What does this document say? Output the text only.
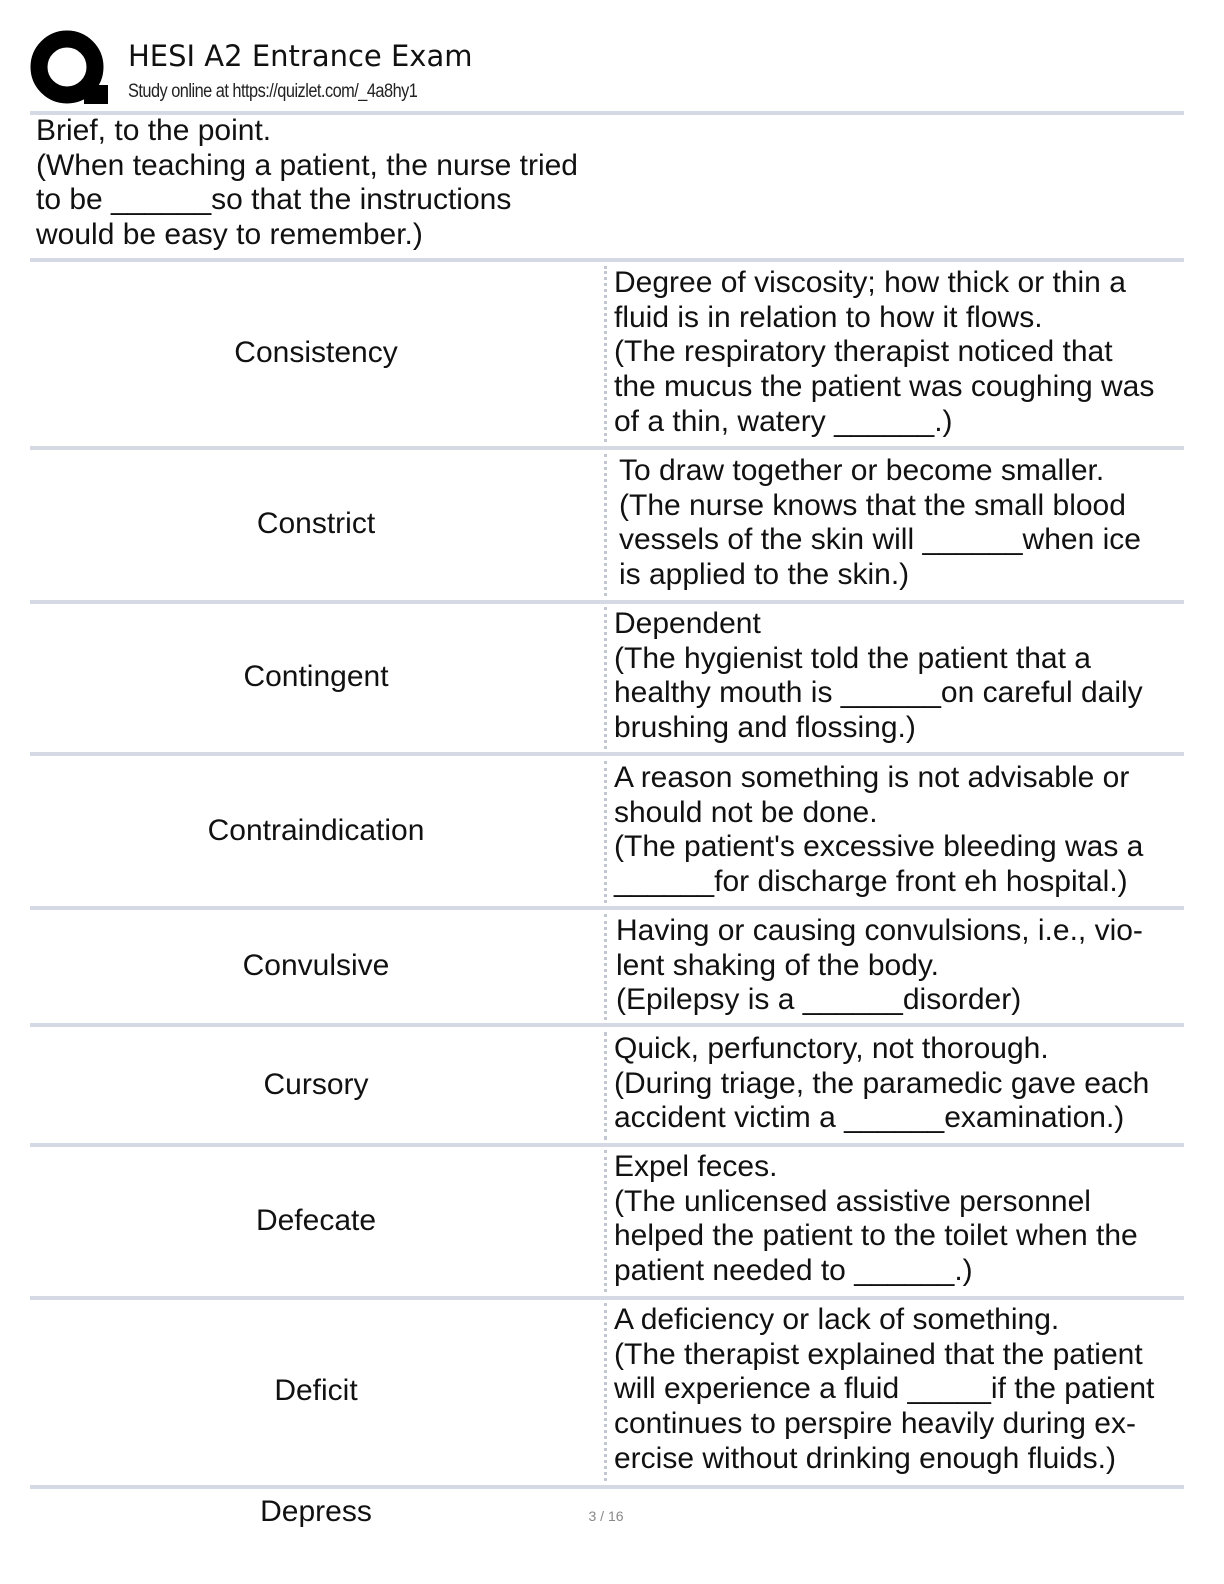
HESI A2 Entrance Exam
Study online at https://quizlet.com/_4a8hy1
Brief, to the point.
(When teaching a patient, the nurse tried
to be ______so that the instructions
would be easy to remember.)
Consistency
Degree of viscosity; how thick or thin a
fluid is in relation to how it flows.
(The respiratory therapist noticed that
the mucus the patient was coughing was
of a thin, watery ______.)
Constrict
To draw together or become smaller.
(The nurse knows that the small blood
vessels of the skin will ______when ice
is applied to the skin.)
Contingent
Dependent
(The hygienist told the patient that a
healthy mouth is ______on careful daily
brushing and flossing.)
Contraindication
A reason something is not advisable or
should not be done.
(The patient's excessive bleeding was a
______for discharge front eh hospital.)
Convulsive
Having or causing convulsions, i.e., vio-
lent shaking of the body.
(Epilepsy is a ______disorder)
Cursory
Quick, perfunctory, not thorough.
(During triage, the paramedic gave each
accident victim a ______examination.)
Defecate
Expel feces.
(The unlicensed assistive personnel
helped the patient to the toilet when the
patient needed to ______.)
Deficit
A deficiency or lack of something.
(The therapist explained that the patient
will experience a fluid _____if the patient
continues to perspire heavily during ex-
ercise without drinking enough fluids.)
Depress	3 / 16
